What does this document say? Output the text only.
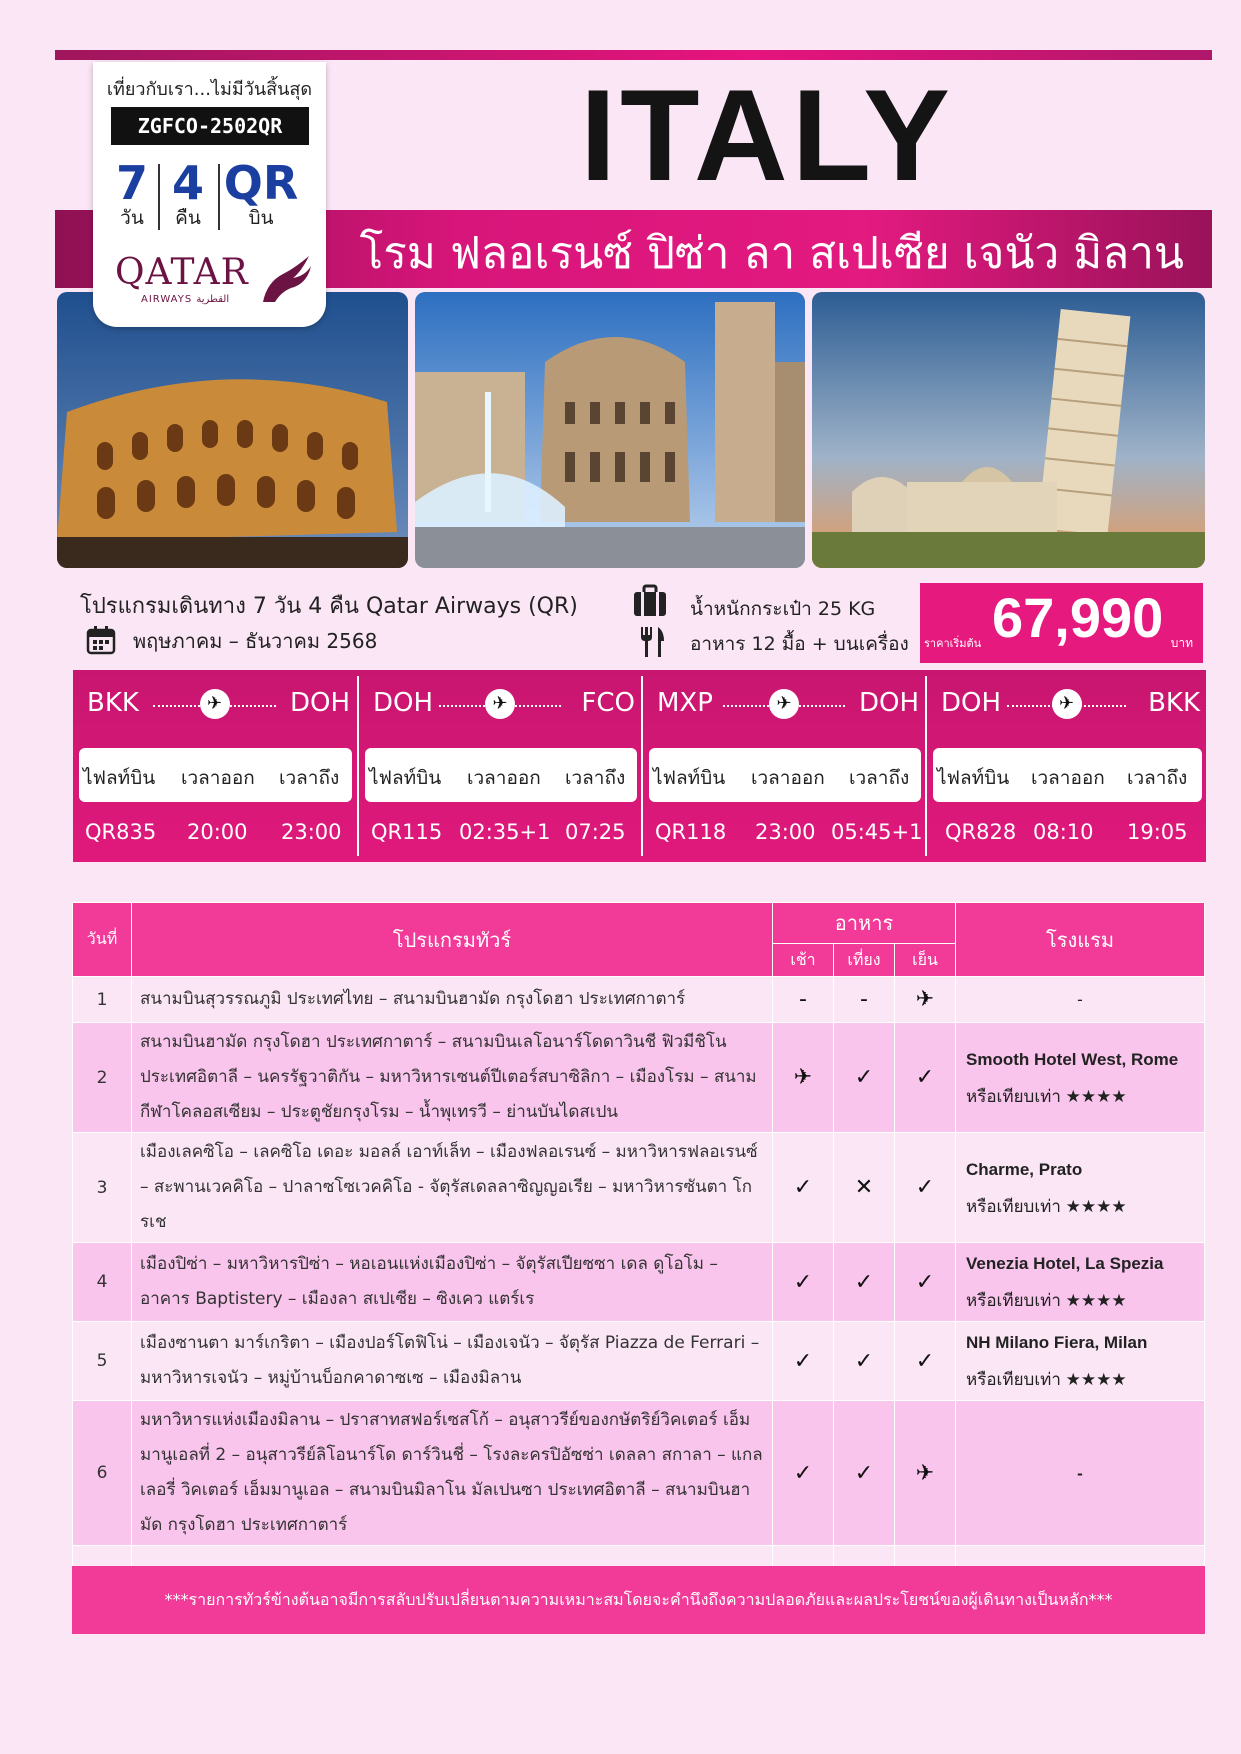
โรม ฟลอเรนซ์ ปิซ่า ลา สเปเซีย เจนัว มิลาน
ITALY
เที่ยวกับเรา...ไม่มีวันสิ้นสุด
ZGFCO-2502QR
7
วัน
4
คืน
QR
บิน
QATAR
AIRWAYS القطرية
โปรแกรมเดินทาง 7 วัน 4 คืน Qatar Airways (QR)
พฤษภาคม – ธันวาคม 2568
น้ำหนักกระเป๋า 25 KG
อาหาร 12 มื้อ + บนเครื่อง ราคาเริ่มต้น 67,990 บาท
BKK	✈	DOH
ไฟลท์บิน เวลาออก เวลาถึง
QR835 20:00 23:00
DOH	✈	FCO
ไฟลท์บิน เวลาออก เวลาถึง
QR115 02:35+1 07:25
MXP	✈	DOH
ไฟลท์บิน เวลาออก เวลาถึง
QR118 23:00 05:45+1
DOH	✈	BKK
ไฟลท์บิน เวลาออก เวลาถึง
QR828 08:10 19:05
วันที่	โปรแกรมทัวร์	อาหาร			โรงแรม
		เช้า	เที่ยง	เย็น	
1	สนามบินสุวรรณภูมิ ประเทศไทย – สนามบินฮามัด กรุงโดฮา ประเทศกาตาร์	-	-	✈	-
2	สนามบินฮามัด กรุงโดฮา ประเทศกาตาร์ – สนามบินเลโอนาร์โดดาวินชี ฟิวมีชิโน ประเทศอิตาลี – นครรัฐวาติกัน – มหาวิหารเซนต์ปีเตอร์สบาซิลิกา – เมืองโรม – สนามกีฬาโคลอสเซียม – ประตูชัยกรุงโรม – น้ำพุเทรวี – ย่านบันไดสเปน	✈	✓	✓	Smooth Hotel West, Rome หรือเทียบเท่า ★★★★
3	เมืองเลคซิโอ – เลคซิโอ เดอะ มอลล์ เอาท์เล็ท – เมืองฟลอเรนซ์ – มหาวิหารฟลอเรนซ์ – สะพานเวคคิโอ – ปาลาซโซเวคคิโอ - จัตุรัสเดลลาซิญญอเรีย – มหาวิหารซันตา โกรเช	✓	✕	✓	Charme, Prato
หรือเทียบเท่า ★★★★
4	เมืองปิซ่า – มหาวิหารปิซ่า – หอเอนแห่งเมืองปิซ่า – จัตุรัสเปียซซา เดล ดูโอโม – อาคาร Baptistery – เมืองลา สเปเซีย – ซิงเคว แตร์เร	✓	✓	✓	Venezia Hotel, La Spezia
หรือเทียบเท่า ★★★★
5	เมืองซานตา มาร์เกริตา – เมืองปอร์โตฟิโน่ – เมืองเจนัว – จัตุรัส Piazza de Ferrari – มหาวิหารเจนัว – หมู่บ้านบ็อกคาดาซเซ – เมืองมิลาน	✓	✓	✓	NH Milano Fiera, Milan
หรือเทียบเท่า ★★★★
6	มหาวิหารแห่งเมืองมิลาน – ปราสาทสฟอร์เซสโก้ – อนุสาวรีย์ของกษัตริย์วิคเตอร์ เอ็มมานูเอลที่ 2 – อนุสาวรีย์ลิโอนาร์โด ดาร์วินชี่ – โรงละครปิอัซซ่า เดลลา สกาลา – แกลเลอรี่ วิคเตอร์ เอ็มมานูเอล – สนามบินมิลาโน มัลเปนซา ประเทศอิตาลี – สนามบินฮามัด กรุงโดฮา ประเทศกาตาร์	✓	✓	✈	-

***รายการทัวร์ข้างต้นอาจมีการสลับปรับเปลี่ยนตามความเหมาะสมโดยจะคำนึงถึงความปลอดภัยและผลประโยชน์ของผู้เดินทางเป็นหลัก***
